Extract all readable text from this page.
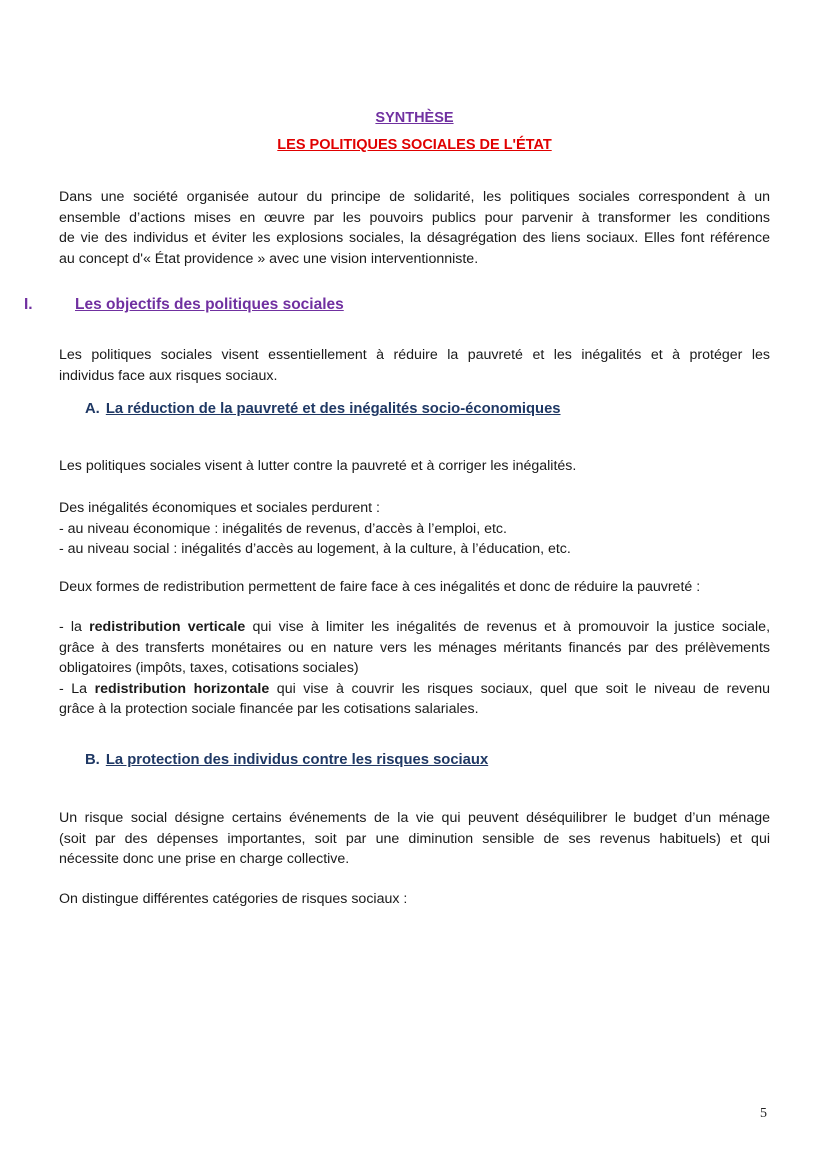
SYNTHÈSE
LES POLITIQUES SOCIALES DE L'ÉTAT
Dans une société organisée autour du principe de solidarité, les politiques sociales correspondent à un
ensemble d’actions mises en œuvre par les pouvoirs publics pour parvenir à transformer les conditions
de vie des individus et éviter les explosions sociales, la désagrégation des liens sociaux. Elles font référence
au concept d'« État providence » avec une vision interventionniste.
I.	Les objectifs des politiques sociales
Les politiques sociales visent essentiellement à réduire la pauvreté et les inégalités et à protéger les
individus face aux risques sociaux.
A. La réduction de la pauvreté et des inégalités socio-économiques
Les politiques sociales visent à lutter contre la pauvreté et à corriger les inégalités.
Des inégalités économiques et sociales perdurent :
- au niveau économique : inégalités de revenus, d’accès à l’emploi, etc.
- au niveau social : inégalités d’accès au logement, à la culture, à l’éducation, etc.
Deux formes de redistribution permettent de faire face à ces inégalités et donc de réduire la pauvreté :
- la redistribution verticale qui vise à limiter les inégalités de revenus et à promouvoir la justice sociale,
grâce à des transferts monétaires ou en nature vers les ménages méritants financés par des prélèvements
obligatoires (impôts, taxes, cotisations sociales)
- La redistribution horizontale qui vise à couvrir les risques sociaux, quel que soit le niveau de revenu
grâce à la protection sociale financée par les cotisations salariales.
B. La protection des individus contre les risques sociaux
Un risque social désigne certains événements de la vie qui peuvent déséquilibrer le budget d’un ménage
(soit par des dépenses importantes, soit par une diminution sensible de ses revenus habituels) et qui
nécessite donc une prise en charge collective.
On distingue différentes catégories de risques sociaux :
5
